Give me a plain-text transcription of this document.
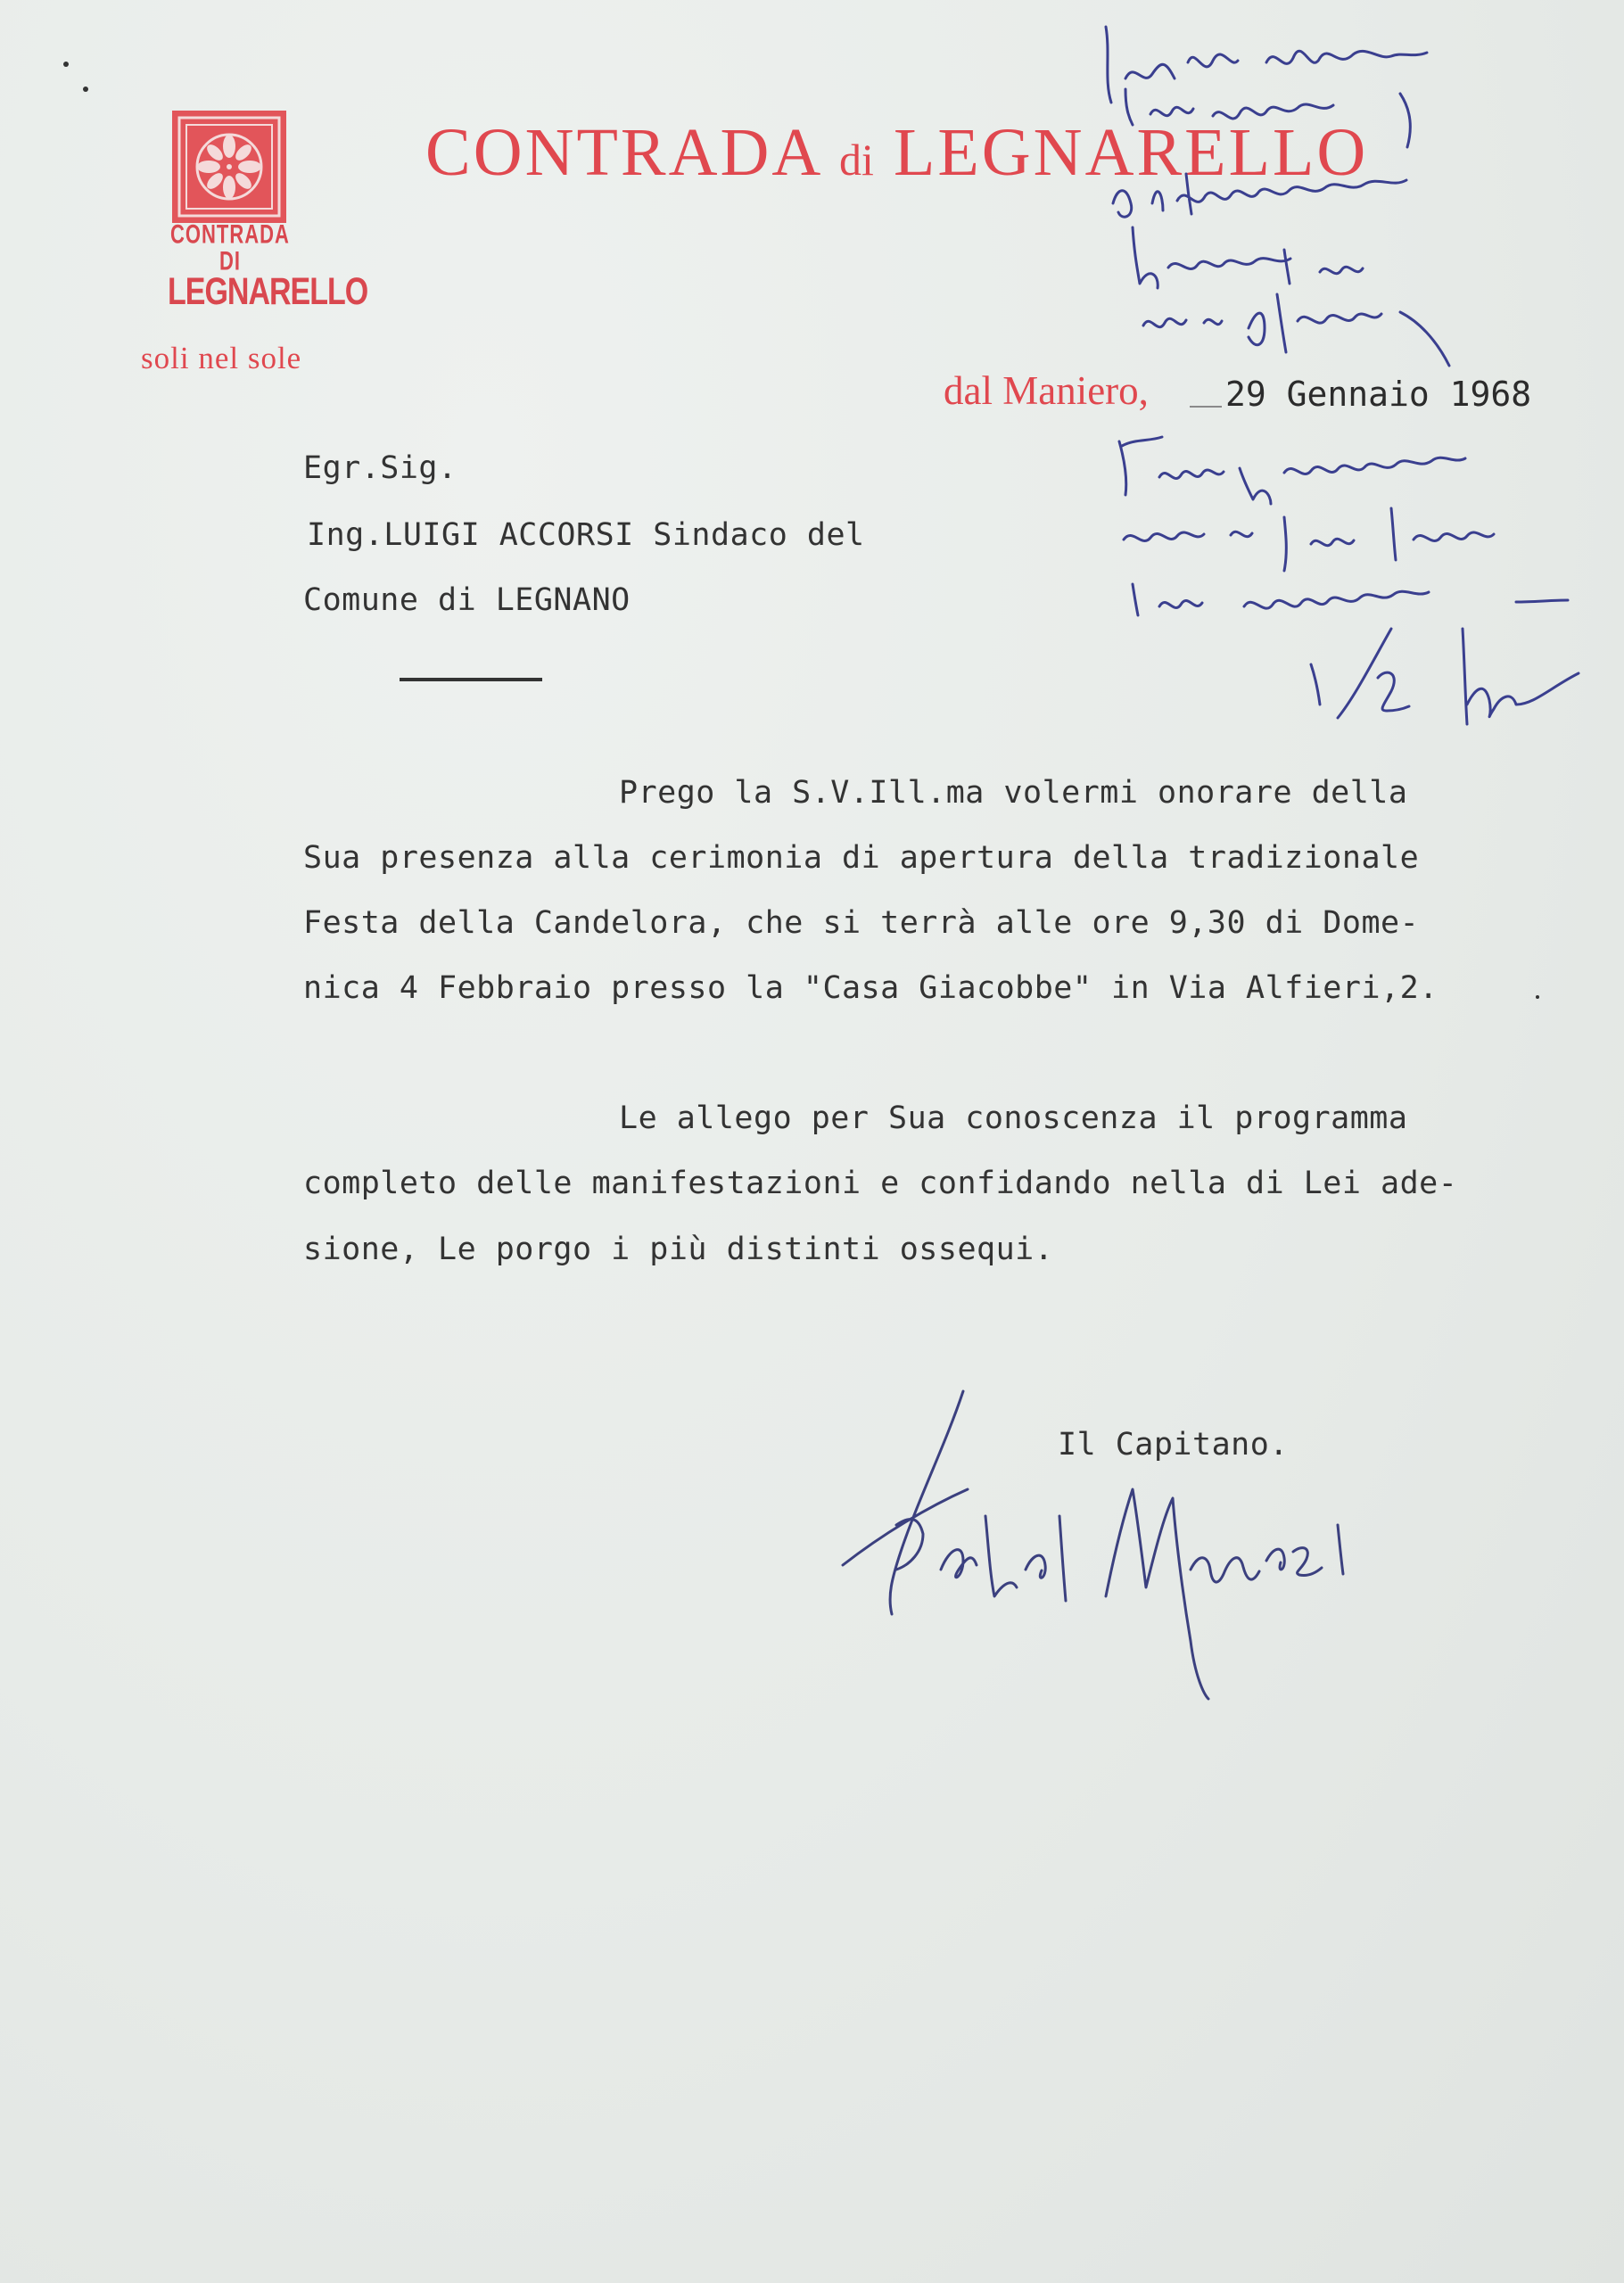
CONTRADA DI
LEGNARELLO
soli nel sole
CONTRADA di LEGNARELLO
dal Maniero, 29 Gennaio 1968
Egr.Sig.
Ing.LUIGI ACCORSI Sindaco del
Comune di LEGNANO
Prego la S.V.Ill.ma volermi onorare della
Sua presenza alla cerimonia di apertura della tradizionale
Festa della Candelora, che si terrà alle ore 9,30 di Dome-
nica 4 Febbraio presso la "Casa Giacobbe" in Via Alfieri,2.
Le allego per Sua conoscenza il programma
completo delle manifestazioni e confidando nella di Lei ade-
sione, Le porgo i più distinti ossequi.
Il Capitano.
